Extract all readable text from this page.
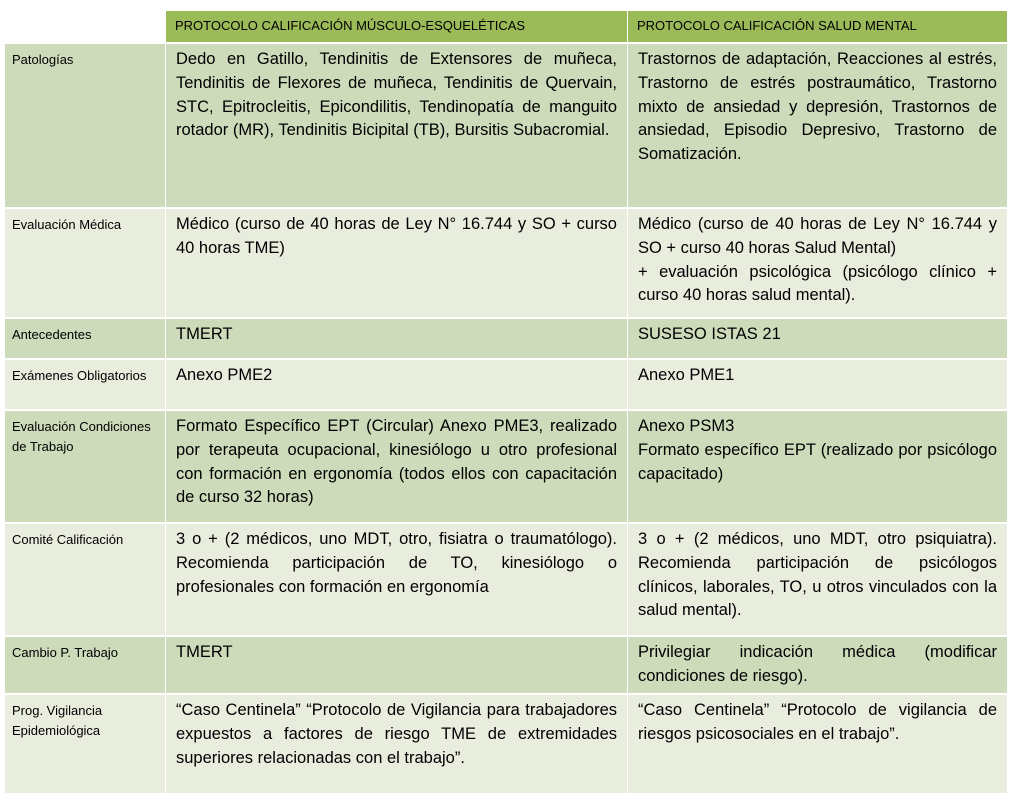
	PROTOCOLO CALIFICACIÓN MÚSCULO-ESQUELÉTICAS	PROTOCOLO CALIFICACIÓN SALUD MENTAL
Patologías	Dedo en Gatillo, Tendinitis de Extensores de muñeca, Tendinitis de Flexores de muñeca, Tendinitis de Quervain, STC, Epitrocleitis, Epicondilitis, Tendinopatía de manguito rotador (MR), Tendinitis Bicipital (TB), Bursitis Subacromial.	Trastornos de adaptación, Reacciones al estrés, Trastorno de estrés postraumático, Trastorno mixto de ansiedad y depresión, Trastornos de ansiedad, Episodio Depresivo, Trastorno de Somatización.
Evaluación Médica	Médico (curso de 40 horas de Ley N° 16.744 y SO + curso 40 horas TME)	Médico (curso de 40 horas de Ley N° 16.744 y SO + curso 40 horas Salud Mental)
+ evaluación psicológica (psicólogo clínico + curso 40 horas salud mental).

Antecedentes	TMERT	SUSESO ISTAS 21
Exámenes Obligatorios	Anexo PME2	Anexo PME1
Evaluación Condiciones de Trabajo	Formato Específico EPT (Circular) Anexo PME3, realizado por terapeuta ocupacional, kinesiólogo u otro profesional con formación en ergonomía (todos ellos con capacitación de curso 32 horas)	Anexo PSM3
Formato específico EPT (realizado por psicólogo capacitado)

Comité Calificación	3 o + (2 médicos, uno MDT, otro, fisiatra o traumatólogo). Recomienda participación de TO, kinesiólogo o profesionales con formación en ergonomía	3 o + (2 médicos, uno MDT, otro psiquiatra). Recomienda participación de psicólogos clínicos, laborales, TO, u otros vinculados con la salud mental).
Cambio P. Trabajo	TMERT	Privilegiar indicación médica (modificar condiciones de riesgo).
Prog. Vigilancia Epidemiológica	“Caso Centinela” “Protocolo de Vigilancia para trabajadores expuestos a factores de riesgo TME de extremidades superiores relacionadas con el trabajo”.	“Caso Centinela” “Protocolo de vigilancia de riesgos psicosociales en el trabajo”.
